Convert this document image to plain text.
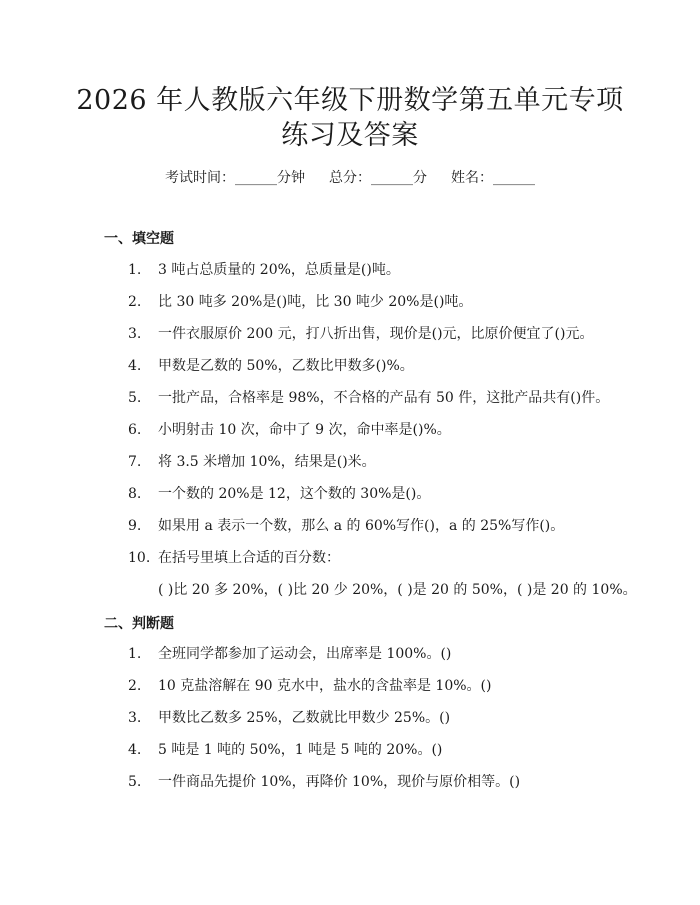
2026 年人教版六年级下册数学第五单元专项
练习及答案
考试时间：______分钟 总分：______分 姓名：______
一、填空题
1. 3 吨占总质量的 20%，总质量是()吨。
2. 比 30 吨多 20%是()吨，比 30 吨少 20%是()吨。
3. 一件衣服原价 200 元，打八折出售，现价是()元，比原价便宜了()元。
4. 甲数是乙数的 50%，乙数比甲数多()%。
5. 一批产品，合格率是 98%，不合格的产品有 50 件，这批产品共有()件。
6. 小明射击 10 次，命中了 9 次，命中率是()%。
7. 将 3.5 米增加 10%，结果是()米。
8. 一个数的 20%是 12，这个数的 30%是()。
9. 如果用 a 表示一个数，那么 a 的 60%写作()，a 的 25%写作()。
10. 在括号里填上合适的百分数：
( )比 20 多 20%，( )比 20 少 20%，( )是 20 的 50%，( )是 20 的 10%。
二、判断题
1. 全班同学都参加了运动会，出席率是 100%。()
2. 10 克盐溶解在 90 克水中，盐水的含盐率是 10%。()
3. 甲数比乙数多 25%，乙数就比甲数少 25%。()
4. 5 吨是 1 吨的 50%，1 吨是 5 吨的 20%。()
5. 一件商品先提价 10%，再降价 10%，现价与原价相等。()
